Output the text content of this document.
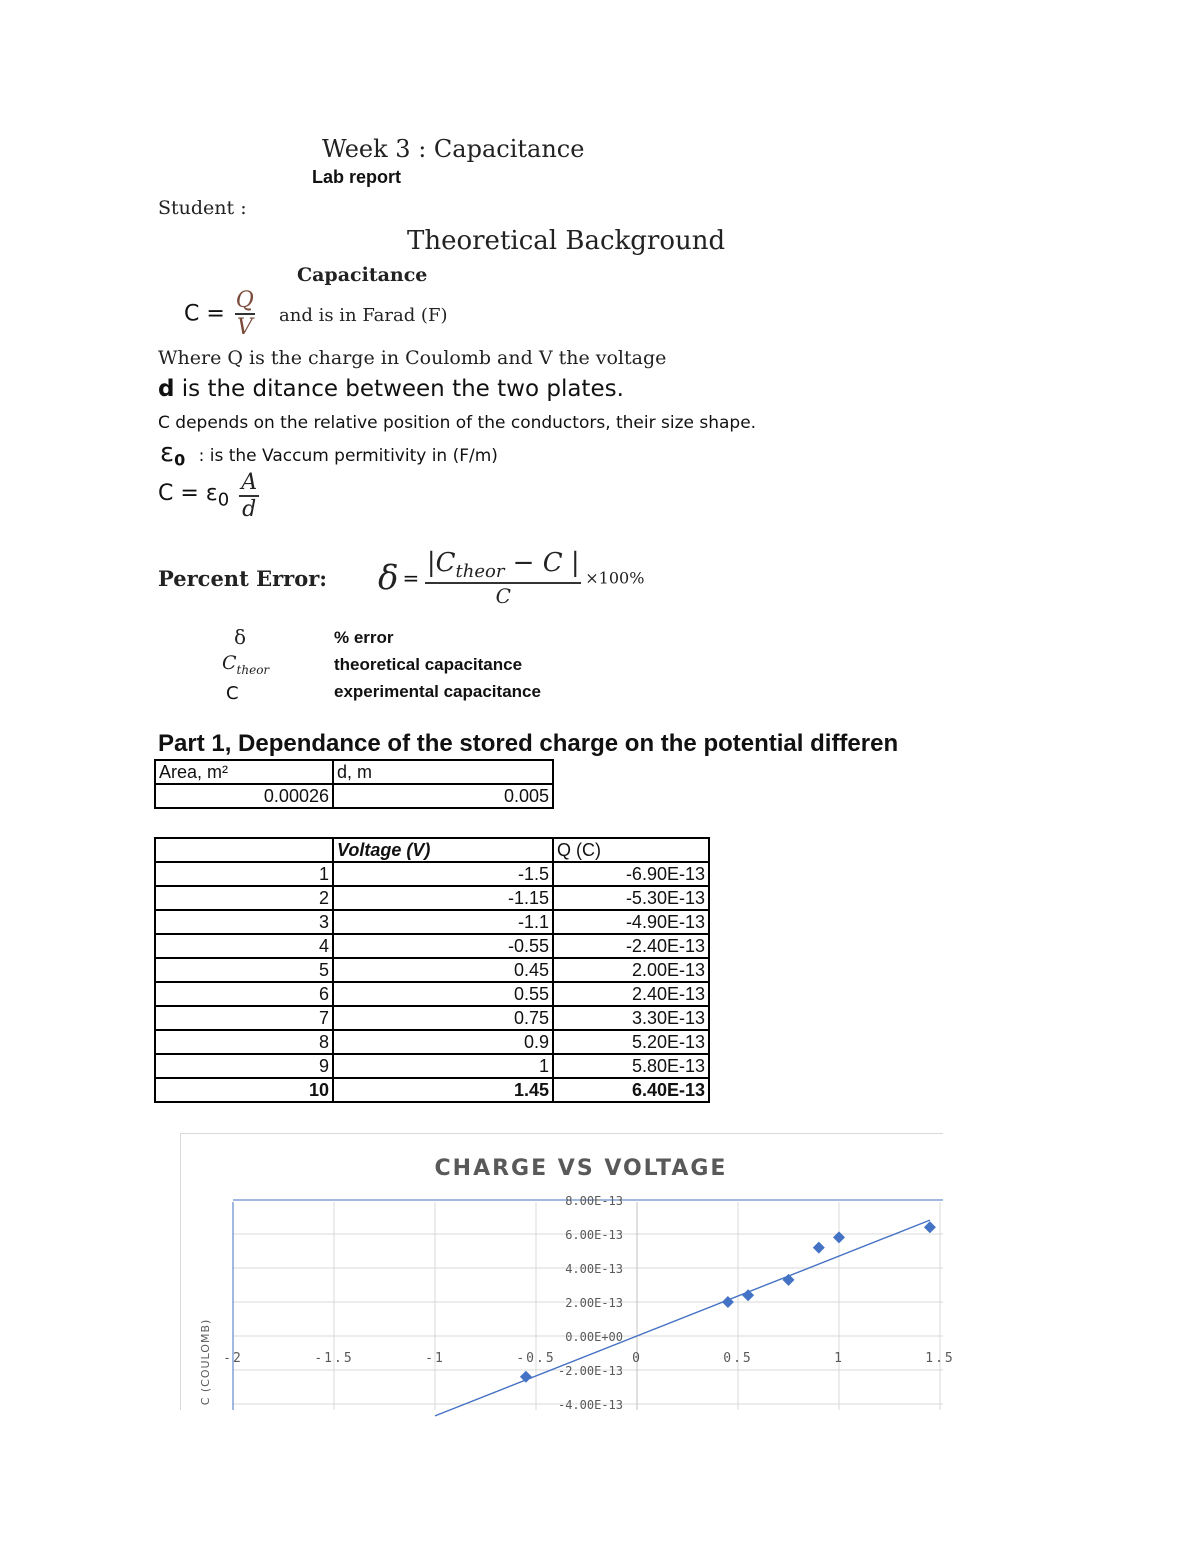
Week 3 : Capacitance
Lab report
Student :
Theoretical Background
Capacitance
$C = \frac{Q}{V}$ and is in Farad (F)
Where Q is the charge in Coulomb and V the voltage
d is the ditance between the two plates.
C depends on the relative position of the conductors, their size shape.
$\varepsilon_0$ : is the Vaccum permitivity in (F/m)
$C = \varepsilon_0 \frac{A}{d}$
Percent Error: $\delta = \frac{|C_{theor} - C |}{C} \times 100\%$
δ	% error
$C_{theor}$	theoretical capacitance
C	experimental capacitance
Part 1, Dependance of the stored charge on the potential differen
Area, m²	d, m
0.00026	0.005
	Voltage (V)	Q (C)
1	-1.5	-6.90E-13
2	-1.15	-5.30E-13
3	-1.1	-4.90E-13
4	-0.55	-2.40E-13
5	0.45	2.00E-13
6	0.55	2.40E-13
7	0.75	3.30E-13
8	0.9	5.20E-13
9	1	5.80E-13
10	1.45	6.40E-13
CHARGE VS VOLTAGE
8.00E-13
6.00E-13
4.00E-13
2.00E-13
0.00E+00
-2.00E-13
-4.00E-13
-2	-1.5	-1	-0.5	0	0.5	1	1.5
C (COULOMB)
